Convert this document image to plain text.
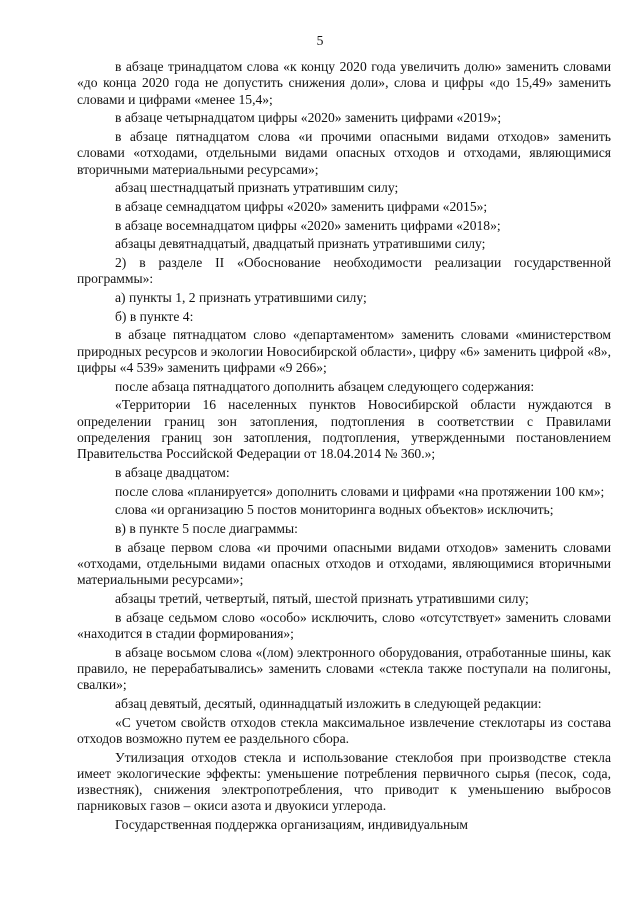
5

в абзаце тринадцатом слова «к концу 2020 года увеличить долю» заменить словами «до конца 2020 года не допустить снижения доли», слова и цифры «до 15,49» заменить словами и цифрами «менее 15,4»;

в абзаце четырнадцатом цифры «2020» заменить цифрами «2019»;

в абзаце пятнадцатом слова «и прочими опасными видами отходов» заменить словами «отходами, отдельными видами опасных отходов и отходами, являющимися вторичными материальными ресурсами»;

абзац шестнадцатый признать утратившим силу;

в абзаце семнадцатом цифры «2020» заменить цифрами «2015»;

в абзаце восемнадцатом цифры «2020» заменить цифрами «2018»;

абзацы девятнадцатый, двадцатый признать утратившими силу;

2) в разделе II «Обоснование необходимости реализации государственной программы»:

а) пункты 1, 2 признать утратившими силу;

б) в пункте 4:

в абзаце пятнадцатом слово «департаментом» заменить словами «министерством природных ресурсов и экологии Новосибирской области», цифру «6» заменить цифрой «8», цифры «4 539» заменить цифрами «9 266»;

после абзаца пятнадцатого дополнить абзацем следующего содержания:

«Территории 16 населенных пунктов Новосибирской области нуждаются в определении границ зон затопления, подтопления в соответствии с Правилами определения границ зон затопления, подтопления, утвержденными постановлением Правительства Российской Федерации от 18.04.2014 № 360.»;

в абзаце двадцатом:

после слова «планируется» дополнить словами и цифрами «на протяжении 100 км»;

слова «и организацию 5 постов мониторинга водных объектов» исключить;

в) в пункте 5 после диаграммы:

в абзаце первом слова «и прочими опасными видами отходов» заменить словами «отходами, отдельными видами опасных отходов и отходами, являющимися вторичными материальными ресурсами»;

абзацы третий, четвертый, пятый, шестой признать утратившими силу;

в абзаце седьмом слово «особо» исключить, слово «отсутствует» заменить словами «находится в стадии формирования»;

в абзаце восьмом слова «(лом) электронного оборудования, отработанные шины, как правило, не перерабатывались» заменить словами «стекла также поступали на полигоны, свалки»;

абзац девятый, десятый, одиннадцатый изложить в следующей редакции:

«С учетом свойств отходов стекла максимальное извлечение стеклотары из состава отходов возможно путем ее раздельного сбора.

Утилизация отходов стекла и использование стеклобоя при производстве стекла имеет экологические эффекты: уменьшение потребления первичного сырья (песок, сода, известняк), снижения электропотребления, что приводит к уменьшению выбросов парниковых газов – окиси азота и двуокиси углерода.

Государственная поддержка организациям, индивидуальным
